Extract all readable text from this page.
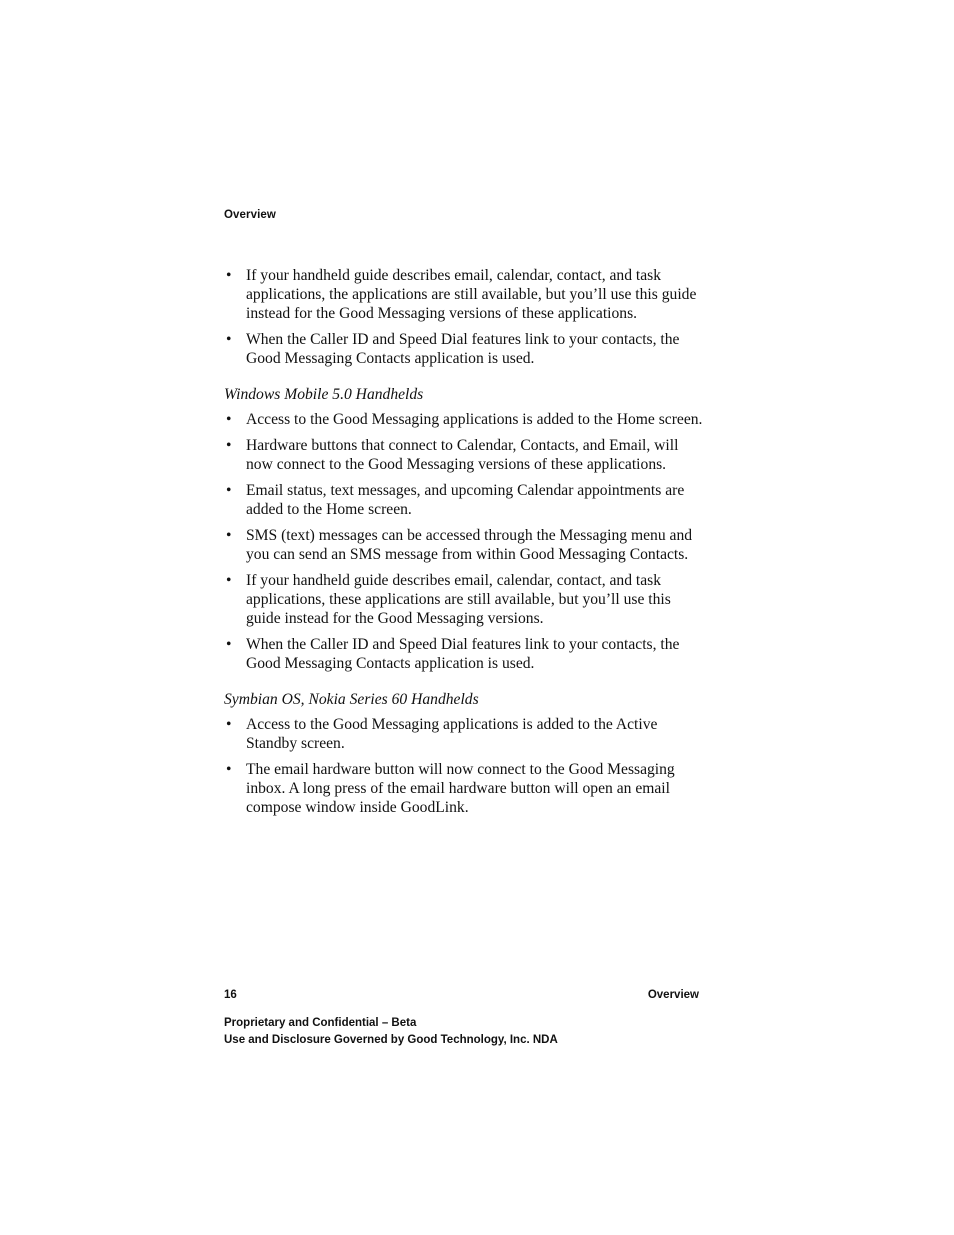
Overview
• If your handheld guide describes email, calendar, contact, and task applications, the applications are still available, but you’ll use this guide instead for the Good Messaging versions of these applications.
• When the Caller ID and Speed Dial features link to your contacts, the Good Messaging Contacts application is used.
Windows Mobile 5.0 Handhelds
• Access to the Good Messaging applications is added to the Home screen.
• Hardware buttons that connect to Calendar, Contacts, and Email, will now connect to the Good Messaging versions of these applications.
• Email status, text messages, and upcoming Calendar appointments are added to the Home screen.
• SMS (text) messages can be accessed through the Messaging menu and you can send an SMS message from within Good Messaging Contacts.
• If your handheld guide describes email, calendar, contact, and task applications, these applications are still available, but you’ll use this guide instead for the Good Messaging versions.
• When the Caller ID and Speed Dial features link to your contacts, the Good Messaging Contacts application is used.
Symbian OS, Nokia Series 60 Handhelds
• Access to the Good Messaging applications is added to the Active Standby screen.
• The email hardware button will now connect to the Good Messaging inbox. A long press of the email hardware button will open an email compose window inside GoodLink.
16	Overview
Proprietary and Confidential – Beta
Use and Disclosure Governed by Good Technology, Inc. NDA
